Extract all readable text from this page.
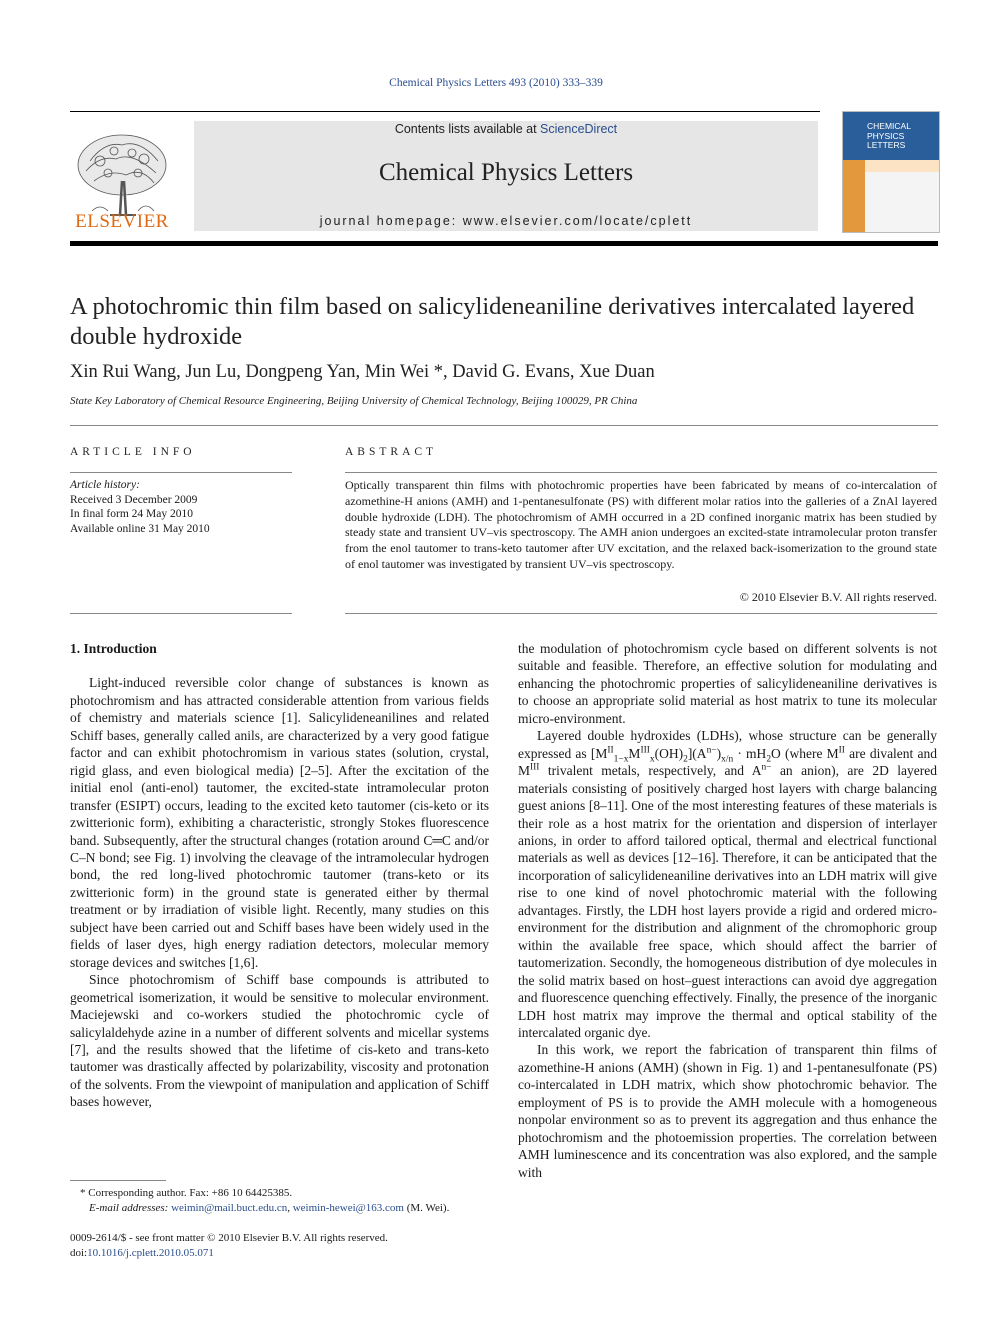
Chemical Physics Letters 493 (2010) 333–339
ELSEVIER
Contents lists available at ScienceDirect
Chemical Physics Letters
journal homepage: www.elsevier.com/locate/cplett
CHEMICAL PHYSICS LETTERS
A photochromic thin film based on salicylideneaniline derivatives intercalated layered double hydroxide
Xin Rui Wang, Jun Lu, Dongpeng Yan, Min Wei *, David G. Evans, Xue Duan
State Key Laboratory of Chemical Resource Engineering, Beijing University of Chemical Technology, Beijing 100029, PR China
ARTICLE INFO
Article history:
Received 3 December 2009
In final form 24 May 2010
Available online 31 May 2010
ABSTRACT
Optically transparent thin films with photochromic properties have been fabricated by means of co-intercalation of azomethine-H anions (AMH) and 1-pentanesulfonate (PS) with different molar ratios into the galleries of a ZnAl layered double hydroxide (LDH). The photochromism of AMH occurred in a 2D confined inorganic matrix has been studied by steady state and transient UV–vis spectroscopy. The AMH anion undergoes an excited-state intramolecular proton transfer from the enol tautomer to trans-keto tautomer after UV excitation, and the relaxed back-isomerization to the ground state of enol tautomer was investigated by transient UV–vis spectroscopy.
© 2010 Elsevier B.V. All rights reserved.
1. Introduction

Light-induced reversible color change of substances is known as photochromism and has attracted considerable attention from various fields of chemistry and materials science [1]. Salicylideneanilines and related Schiff bases, generally called anils, are characterized by a very good fatigue factor and can exhibit photochromism in various states (solution, crystal, rigid glass, and even biological media) [2–5]. After the excitation of the initial enol (anti-enol) tautomer, the excited-state intramolecular proton transfer (ESIPT) occurs, leading to the excited keto tautomer (cis-keto or its zwitterionic form), exhibiting a characteristic, strongly Stokes fluorescence band. Subsequently, after the structural changes (rotation around C═C and/or C–N bond; see Fig. 1) involving the cleavage of the intramolecular hydrogen bond, the red long-lived photochromic tautomer (trans-keto or its zwitterionic form) in the ground state is generated either by thermal treatment or by irradiation of visible light. Recently, many studies on this subject have been carried out and Schiff bases have been widely used in the fields of laser dyes, high energy radiation detectors, molecular memory storage devices and switches [1,6].

Since photochromism of Schiff base compounds is attributed to geometrical isomerization, it would be sensitive to molecular environment. Maciejewski and co-workers studied the photochromic cycle of salicylaldehyde azine in a number of different solvents and micellar systems [7], and the results showed that the lifetime of cis-keto and trans-keto tautomer was drastically affected by polarizability, viscosity and protonation of the solvents. From the viewpoint of manipulation and application of Schiff bases however,

the modulation of photochromism cycle based on different solvents is not suitable and feasible. Therefore, an effective solution for modulating and enhancing the photochromic properties of salicylideneaniline derivatives is to choose an appropriate solid material as host matrix to tune its molecular micro-environment.

Layered double hydroxides (LDHs), whose structure can be generally expressed as $[M^{II}_{1-x}M^{III}_x(OH)_2](A^{n-})_{x/n} \cdot mH_2O$ (where $M^{II}$ are divalent and $M^{III}$ trivalent metals, respectively, and $A^{n-}$ an anion), are 2D layered materials consisting of positively charged host layers with charge balancing guest anions [8–11]. One of the most interesting features of these materials is their role as a host matrix for the orientation and dispersion of interlayer anions, in order to afford tailored optical, thermal and electrical functional materials as well as devices [12–16]. Therefore, it can be anticipated that the incorporation of salicylideneaniline derivatives into an LDH matrix will give rise to one kind of novel photochromic material with the following advantages. Firstly, the LDH host layers provide a rigid and ordered micro-environment for the distribution and alignment of the chromophoric group within the available free space, which should affect the barrier of tautomerization. Secondly, the homogeneous distribution of dye molecules in the solid matrix based on host–guest interactions can avoid dye aggregation and fluorescence quenching effectively. Finally, the presence of the inorganic LDH host matrix may improve the thermal and optical stability of the intercalated organic dye.

In this work, we report the fabrication of transparent thin films of azomethine-H anions (AMH) (shown in Fig. 1) and 1-pentanesulfonate (PS) co-intercalated in LDH matrix, which show photochromic behavior. The employment of PS is to provide the AMH molecule with a homogeneous nonpolar environment so as to prevent its aggregation and thus enhance the photochromism and the photoemission properties. The correlation between AMH luminescence and its concentration was also explored, and the sample with

* Corresponding author. Fax: +86 10 64425385.
E-mail addresses: weimin@mail.buct.edu.cn, weimin-hewei@163.com (M. Wei).
0009-2614/$ - see front matter © 2010 Elsevier B.V. All rights reserved.
doi:10.1016/j.cplett.2010.05.071
